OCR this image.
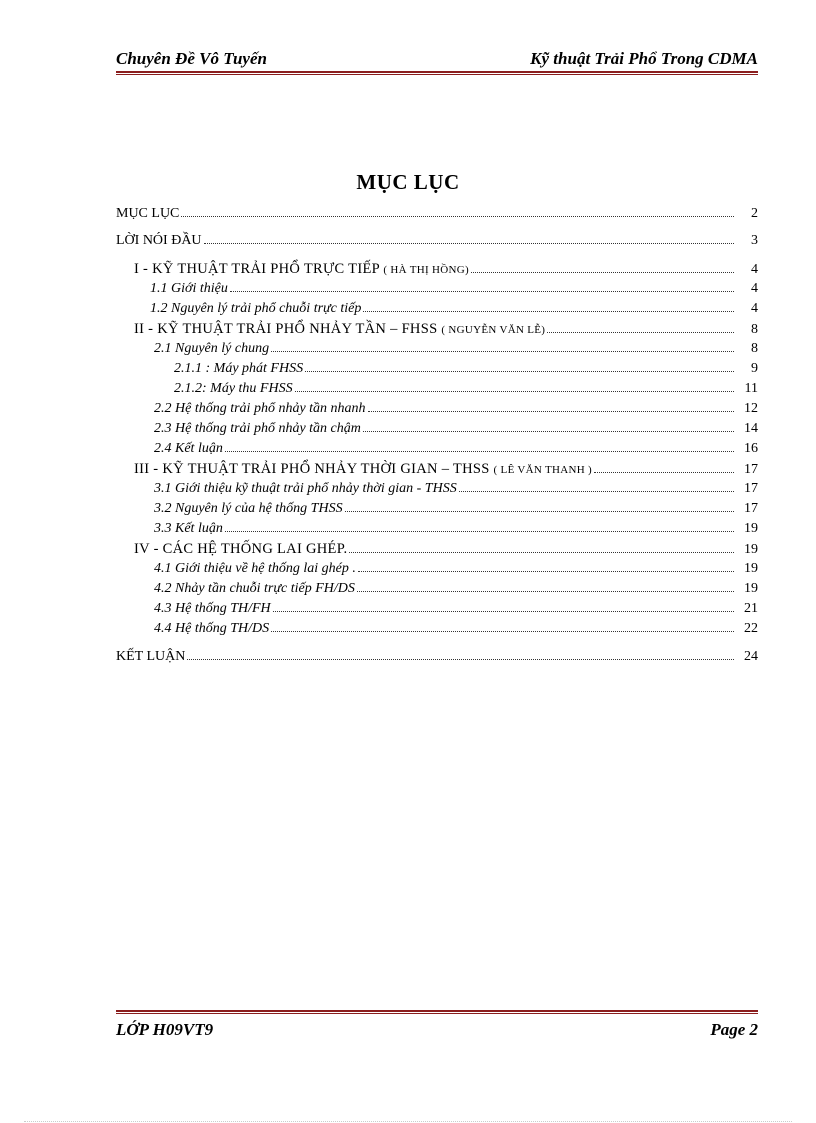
Chuyên Đề Vô Tuyến	Kỹ thuật Trải Phổ Trong CDMA
MỤC LỤC
MỤC LỤC	2
LỜI NÓI ĐẦU	3
I - KỸ THUẬT TRẢI PHỔ TRỰC TIẾP ( HÀ THỊ HỒNG)	4
1.1 Giới thiệu	4
1.2 Nguyên lý trải phổ chuỗi trực tiếp	4
II - KỸ THUẬT TRẢI PHỔ NHẢY TẦN – FHSS ( NGUYỄN VĂN LỄ)	8
2.1 Nguyên lý chung	8
2.1.1 : Máy phát FHSS	9
2.1.2: Máy thu FHSS	11
2.2 Hệ thống trải phổ nhảy tần nhanh	12
2.3 Hệ thống trải phổ nhảy tần chậm	14
2.4 Kết luận	16
III - KỸ THUẬT TRẢI PHỔ NHẢY THỜI GIAN – THSS ( LÊ VĂN THANH )	17
3.1 Giới thiệu kỹ thuật trải phổ nhảy thời gian - THSS	17
3.2 Nguyên lý của hệ thống THSS	17
3.3 Kết luận	19
IV - CÁC HỆ THỐNG LAI GHÉP.	19
4.1 Giới thiệu về hệ thống lai ghép .	19
4.2 Nhảy tần chuỗi trực tiếp FH/DS	19
4.3 Hệ thống TH/FH	21
4.4 Hệ thống TH/DS	22
KẾT LUẬN	24
LỚP H09VT9	Page 2
